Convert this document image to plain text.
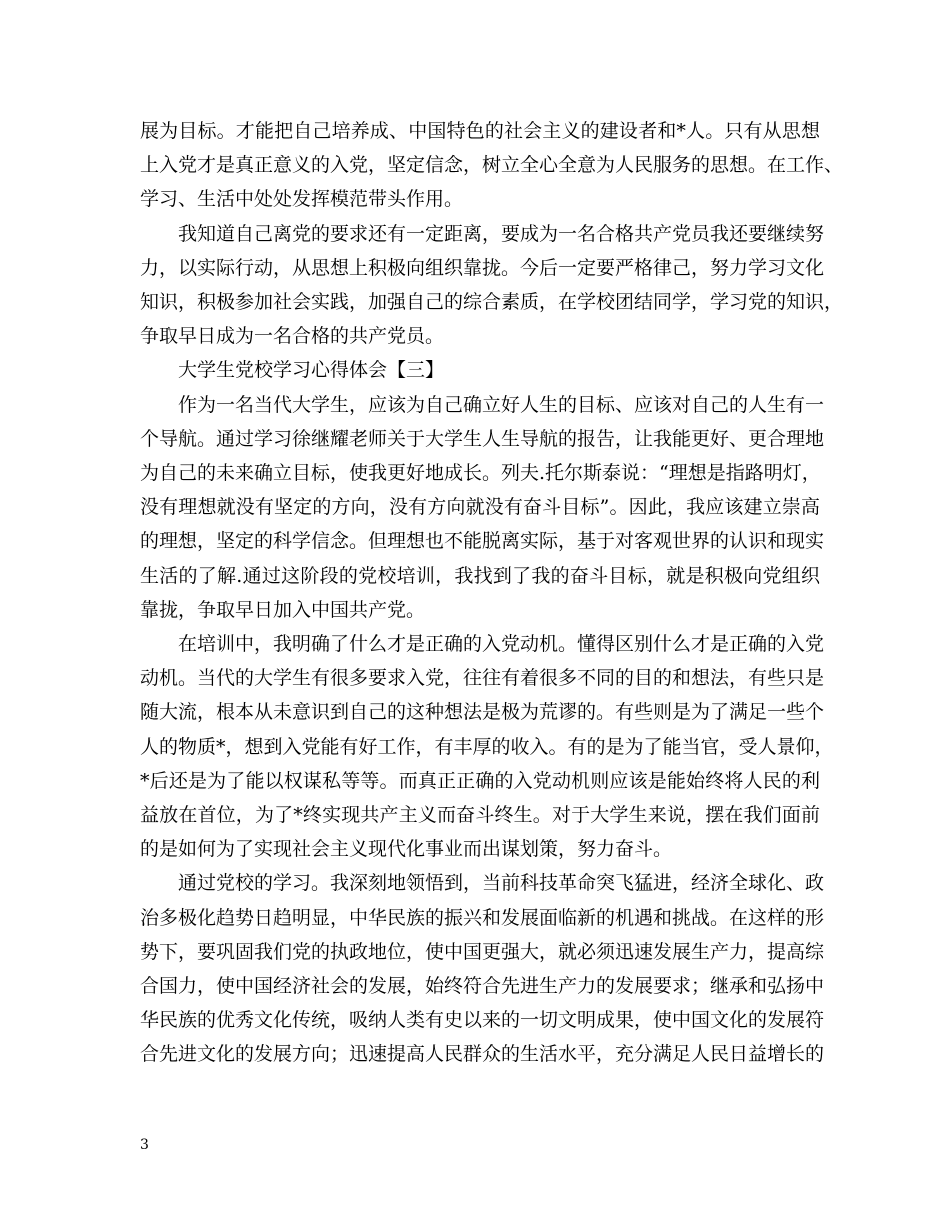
展为目标。才能把自己培养成、中国特色的社会主义的建设者和*人。只有从思想
上入党才是真正意义的入党，坚定信念，树立全心全意为人民服务的思想。在工作、
学习、生活中处处发挥模范带头作用。
我知道自己离党的要求还有一定距离，要成为一名合格共产党员我还要继续努
力，以实际行动，从思想上积极向组织靠拢。今后一定要严格律己，努力学习文化
知识，积极参加社会实践，加强自己的综合素质，在学校团结同学，学习党的知识，
争取早日成为一名合格的共产党员。
大学生党校学习心得体会【三】
作为一名当代大学生，应该为自己确立好人生的目标、应该对自己的人生有一
个导航。通过学习徐继耀老师关于大学生人生导航的报告，让我能更好、更合理地
为自己的未来确立目标，使我更好地成长。列夫.托尔斯泰说：“理想是指路明灯，
没有理想就没有坚定的方向，没有方向就没有奋斗目标”。因此，我应该建立崇高
的理想，坚定的科学信念。但理想也不能脱离实际，基于对客观世界的认识和现实
生活的了解.通过这阶段的党校培训，我找到了我的奋斗目标，就是积极向党组织
靠拢，争取早日加入中国共产党。
在培训中，我明确了什么才是正确的入党动机。懂得区别什么才是正确的入党
动机。当代的大学生有很多要求入党，往往有着很多不同的目的和想法，有些只是
随大流，根本从未意识到自己的这种想法是极为荒谬的。有些则是为了满足一些个
人的物质*，想到入党能有好工作，有丰厚的收入。有的是为了能当官，受人景仰，
*后还是为了能以权谋私等等。而真正正确的入党动机则应该是能始终将人民的利
益放在首位，为了*终实现共产主义而奋斗终生。对于大学生来说，摆在我们面前
的是如何为了实现社会主义现代化事业而出谋划策，努力奋斗。
通过党校的学习。我深刻地领悟到，当前科技革命突飞猛进，经济全球化、政
治多极化趋势日趋明显，中华民族的振兴和发展面临新的机遇和挑战。在这样的形
势下，要巩固我们党的执政地位，使中国更强大，就必须迅速发展生产力，提高综
合国力，使中国经济社会的发展，始终符合先进生产力的发展要求；继承和弘扬中
华民族的优秀文化传统，吸纳人类有史以来的一切文明成果，使中国文化的发展符
合先进文化的发展方向；迅速提高人民群众的生活水平，充分满足人民日益增长的
3
